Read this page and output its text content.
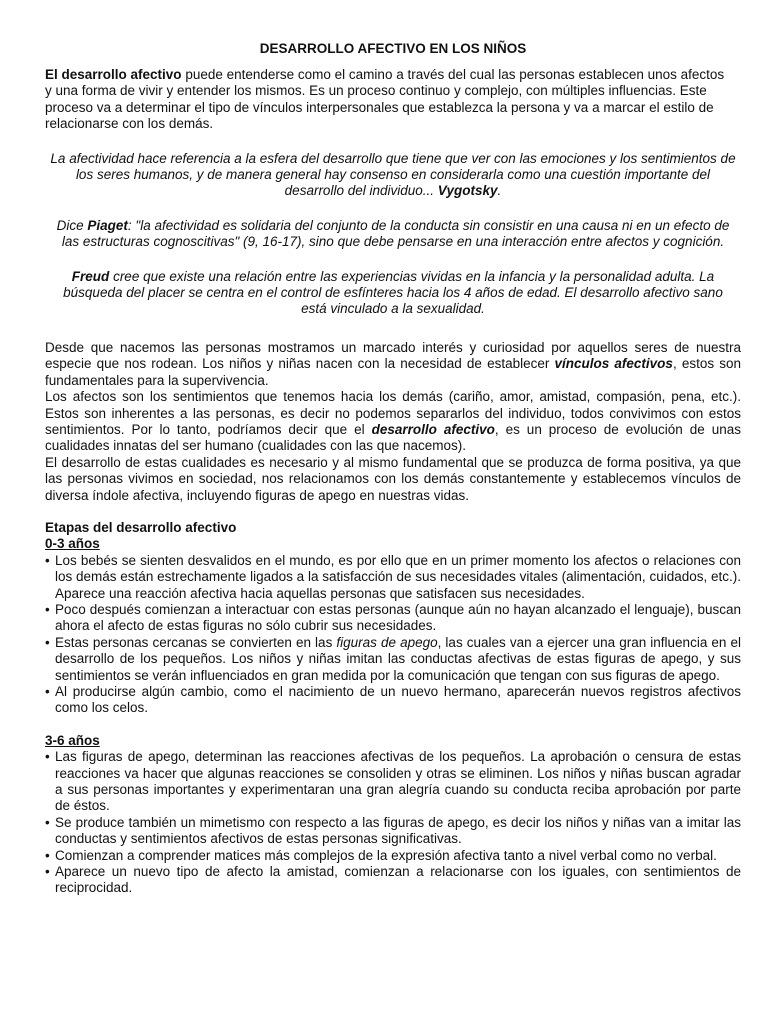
DESARROLLO AFECTIVO EN LOS NIÑOS

El desarrollo afectivo puede entenderse como el camino a través del cual las personas establecen unos afectos y una forma de vivir y entender los mismos. Es un proceso continuo y complejo, con múltiples influencias. Este proceso va a determinar el tipo de vínculos interpersonales que establezca la persona y va a marcar el estilo de relacionarse con los demás.

La afectividad hace referencia a la esfera del desarrollo que tiene que ver con las emociones y los sentimientos de los seres humanos, y de manera general hay consenso en considerarla como una cuestión importante del desarrollo del individuo... Vygotsky.

Dice Piaget: "la afectividad es solidaria del conjunto de la conducta sin consistir en una causa ni en un efecto de las estructuras cognoscitivas" (9, 16-17), sino que debe pensarse en una interacción entre afectos y cognición.

Freud cree que existe una relación entre las experiencias vividas en la infancia y la personalidad adulta. La búsqueda del placer se centra en el control de esfínteres hacia los 4 años de edad. El desarrollo afectivo sano está vinculado a la sexualidad.

Desde que nacemos las personas mostramos un marcado interés y curiosidad por aquellos seres de nuestra especie que nos rodean. Los niños y niñas nacen con la necesidad de establecer vínculos afectivos, estos son fundamentales para la supervivencia.

Los afectos son los sentimientos que tenemos hacia los demás (cariño, amor, amistad, compasión, pena, etc.). Estos son inherentes a las personas, es decir no podemos separarlos del individuo, todos convivimos con estos sentimientos. Por lo tanto, podríamos decir que el desarrollo afectivo, es un proceso de evolución de unas cualidades innatas del ser humano (cualidades con las que nacemos).

El desarrollo de estas cualidades es necesario y al mismo fundamental que se produzca de forma positiva, ya que las personas vivimos en sociedad, nos relacionamos con los demás constantemente y establecemos vínculos de diversa índole afectiva, incluyendo figuras de apego en nuestras vidas.

Etapas del desarrollo afectivo

0-3 años

• Los bebés se sienten desvalidos en el mundo, es por ello que en un primer momento los afectos o relaciones con los demás están estrechamente ligados a la satisfacción de sus necesidades vitales (alimentación, cuidados, etc.). Aparece una reacción afectiva hacia aquellas personas que satisfacen sus necesidades.
• Poco después comienzan a interactuar con estas personas (aunque aún no hayan alcanzado el lenguaje), buscan ahora el afecto de estas figuras no sólo cubrir sus necesidades.
• Estas personas cercanas se convierten en las figuras de apego, las cuales van a ejercer una gran influencia en el desarrollo de los pequeños. Los niños y niñas imitan las conductas afectivas de estas figuras de apego, y sus sentimientos se verán influenciados en gran medida por la comunicación que tengan con sus figuras de apego.
• Al producirse algún cambio, como el nacimiento de un nuevo hermano, aparecerán nuevos registros afectivos como los celos.

3-6 años

• Las figuras de apego, determinan las reacciones afectivas de los pequeños. La aprobación o censura de estas reacciones va hacer que algunas reacciones se consoliden y otras se eliminen. Los niños y niñas buscan agradar a sus personas importantes y experimentaran una gran alegría cuando su conducta reciba aprobación por parte de éstos.
• Se produce también un mimetismo con respecto a las figuras de apego, es decir los niños y niñas van a imitar las conductas y sentimientos afectivos de estas personas significativas.
• Comienzan a comprender matices más complejos de la expresión afectiva tanto a nivel verbal como no verbal.
• Aparece un nuevo tipo de afecto la amistad, comienzan a relacionarse con los iguales, con sentimientos de reciprocidad.
